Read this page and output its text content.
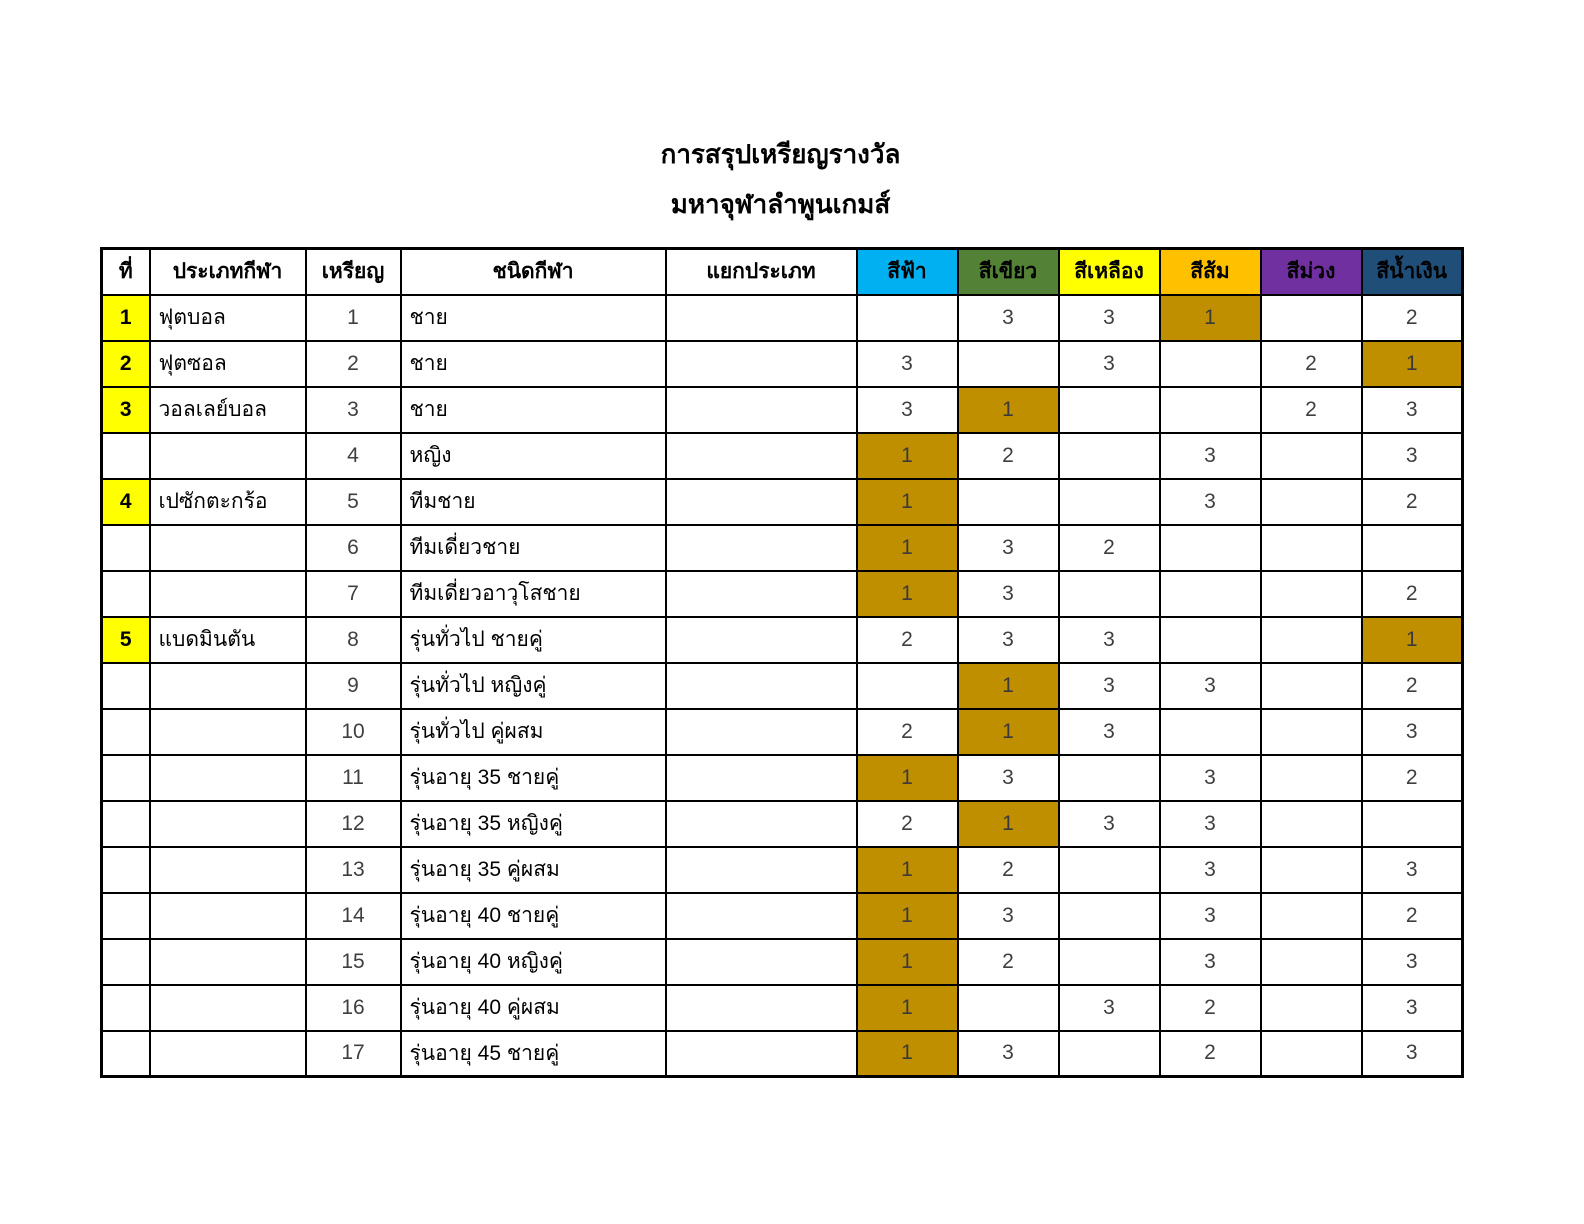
การสรุปเหรียญรางวัล
มหาจุฬาลำพูนเกมส์
ที่	ประเภทกีฬา	เหรียญ	ชนิดกีฬา	แยกประเภท	สีฟ้า	สีเขียว	สีเหลือง	สีส้ม	สีม่วง	สีน้ำเงิน
1	ฟุตบอล	1	ชาย			3	3	1		2
2	ฟุตซอล	2	ชาย		3		3		2	1
3	วอลเลย์บอล	3	ชาย		3	1			2	3
		4	หญิง		1	2		3		3
4	เปซักตะกร้อ	5	ทีมชาย		1			3		2
		6	ทีมเดี่ยวชาย		1	3	2			
		7	ทีมเดี่ยวอาวุโสชาย		1	3				2
5	แบดมินตัน	8	รุ่นทั่วไป ชายคู่		2	3	3			1
		9	รุ่นทั่วไป หญิงคู่			1	3	3		2
		10	รุ่นทั่วไป คู่ผสม		2	1	3			3
		11	รุ่นอายุ 35 ชายคู่		1	3		3		2
		12	รุ่นอายุ 35 หญิงคู่		2	1	3	3		
		13	รุ่นอายุ 35 คู่ผสม		1	2		3		3
		14	รุ่นอายุ 40 ชายคู่		1	3		3		2
		15	รุ่นอายุ 40 หญิงคู่		1	2		3		3
		16	รุ่นอายุ 40 คู่ผสม		1		3	2		3
		17	รุ่นอายุ 45 ชายคู่		1	3		2		3
